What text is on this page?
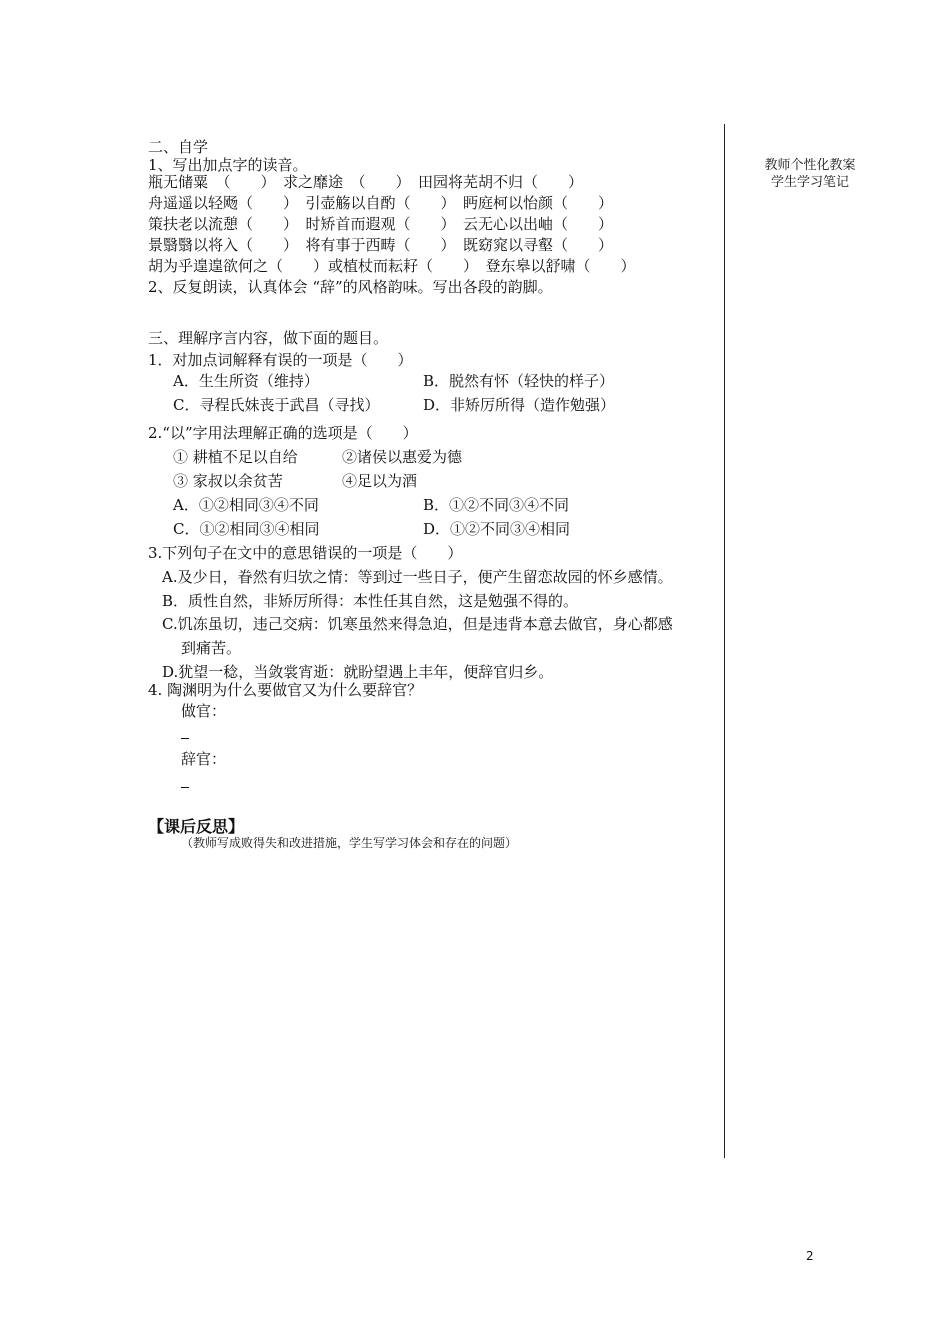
二、自学
1、写出加点字的读音。
瓶无储粟　（　　）　求之靡途　（　　）　田园将芜胡不归（　　）
舟遥遥以轻飏（　　）　引壶觞以自酌（　　）　眄庭柯以怡颜（　　）
策扶老以流憩（　　）　时矫首而遐观（　　）　云无心以出岫（　　）
景翳翳以将入（　　）　将有事于西畴（　　）　既窈窕以寻壑（　　）
胡为乎遑遑欲何之（　　）或植杖而耘耔（　　）　登东皋以舒啸（　　）
2、反复朗读，认真体会 “辞”的风格韵味。写出各段的韵脚。
三、理解序言内容，做下面的题目。
1．对加点词解释有误的一项是（　　）
A．生生所资（维持）	B．脱然有怀（轻快的样子）
C．寻程氏妹丧于武昌（寻找）	D．非矫厉所得（造作勉强）
2.“以”字用法理解正确的选项是（　　）
① 耕植不足以自给	②诸侯以惠爱为德
③ 家叔以余贫苦	④足以为酒
A．①②相同③④不同	B．①②不同③④不同
C．①②相同③④相同	D．①②不同③④相同
3.下列句子在文中的意思错误的一项是（　　）
A.及少日，眷然有归欤之情：等到过一些日子，便产生留恋故园的怀乡感情。
B．质性自然，非矫厉所得：本性任其自然，这是勉强不得的。
C.饥冻虽切，违己交病：饥寒虽然来得急迫，但是违背本意去做官，身心都感
到痛苦。
D.犹望一稔，当敛裳宵逝：就盼望遇上丰年，便辞官归乡。
4. 陶渊明为什么要做官又为什么要辞官？
做官：
辞官：
【课后反思】
（教师写成败得失和改进措施，学生写学习体会和存在的问题）
教师个性化教案
学生学习笔记
2
